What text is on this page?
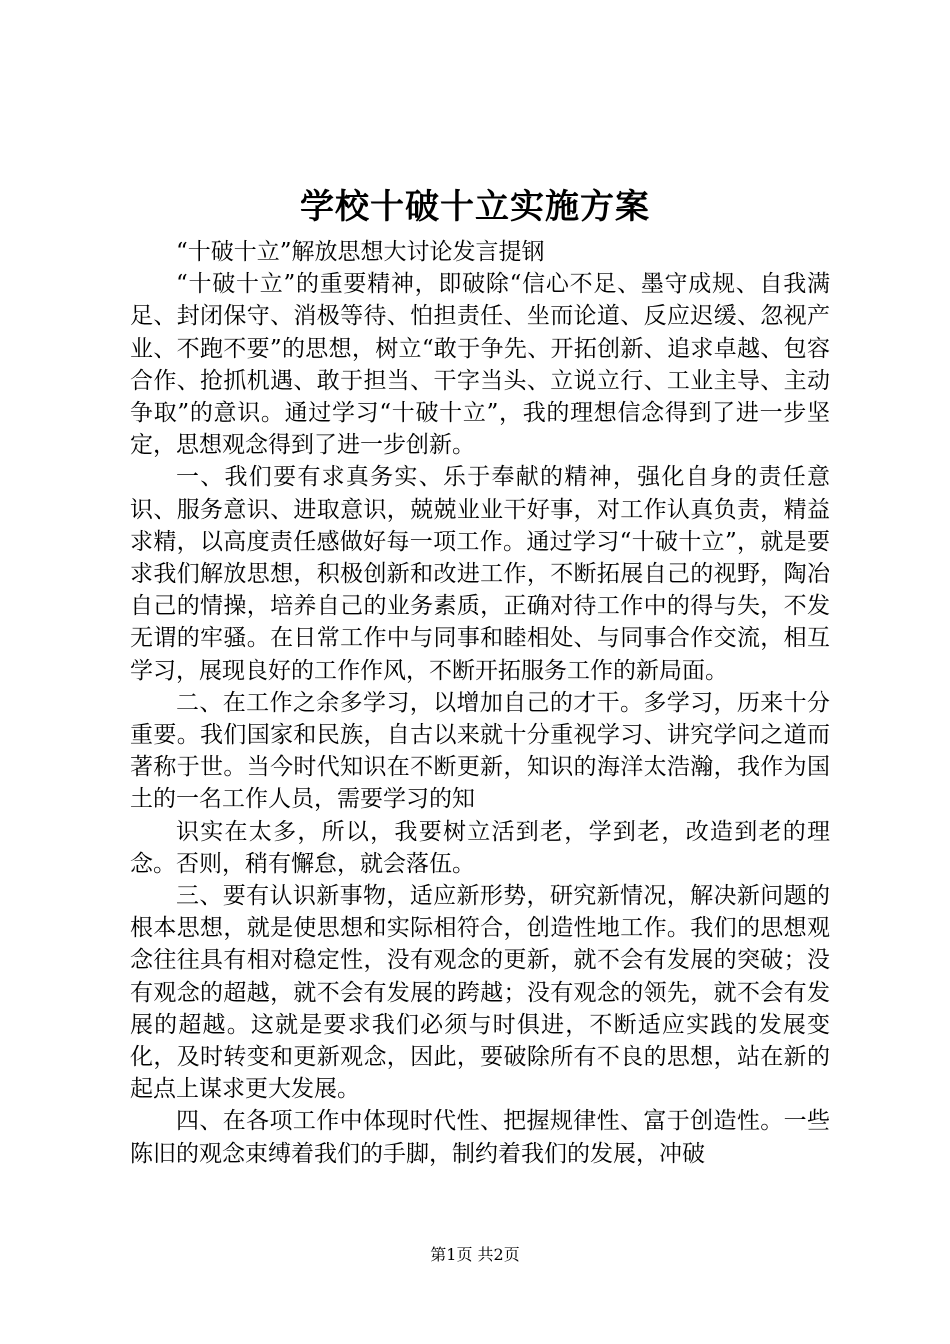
学校十破十立实施方案

“十破十立”解放思想大讨论发言提钢

“十破十立”的重要精神，即破除“信心不足、墨守成规、自我满足、封闭保守、消极等待、怕担责任、坐而论道、反应迟缓、忽视产业、不跑不要”的思想，树立“敢于争先、开拓创新、追求卓越、包容合作、抢抓机遇、敢于担当、干字当头、立说立行、工业主导、主动争取”的意识。通过学习“十破十立”，我的理想信念得到了进一步坚定，思想观念得到了进一步创新。

一、我们要有求真务实、乐于奉献的精神，强化自身的责任意识、服务意识、进取意识，兢兢业业干好事，对工作认真负责，精益求精，以高度责任感做好每一项工作。通过学习“十破十立”，就是要求我们解放思想，积极创新和改进工作，不断拓展自己的视野，陶冶自己的情操，培养自己的业务素质，正确对待工作中的得与失，不发无谓的牢骚。在日常工作中与同事和睦相处、与同事合作交流，相互学习，展现良好的工作作风，不断开拓服务工作的新局面。

二、在工作之余多学习，以增加自己的才干。多学习，历来十分重要。我们国家和民族，自古以来就十分重视学习、讲究学问之道而著称于世。当今时代知识在不断更新，知识的海洋太浩瀚，我作为国土的一名工作人员，需要学习的知

识实在太多，所以，我要树立活到老，学到老，改造到老的理念。否则，稍有懈怠，就会落伍。

三、要有认识新事物，适应新形势，研究新情况，解决新问题的根本思想，就是使思想和实际相符合，创造性地工作。我们的思想观念往往具有相对稳定性，没有观念的更新，就不会有发展的突破；没有观念的超越，就不会有发展的跨越；没有观念的领先，就不会有发展的超越。这就是要求我们必须与时俱进，不断适应实践的发展变化，及时转变和更新观念，因此，要破除所有不良的思想，站在新的起点上谋求更大发展。

四、在各项工作中体现时代性、把握规律性、富于创造性。一些陈旧的观念束缚着我们的手脚，制约着我们的发展，冲破

第1页 共2页
